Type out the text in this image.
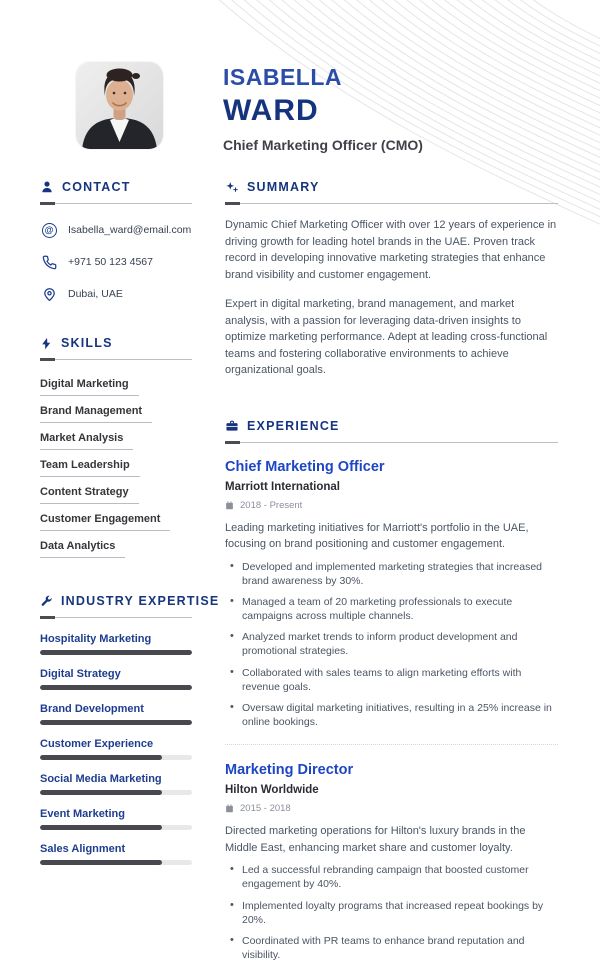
ISABELLA
WARD
Chief Marketing Officer (CMO)
CONTACT
@ Isabella_ward@email.com
+971 50 123 4567
Dubai, UAE
SKILLS
Digital Marketing
Brand Management
Market Analysis
Team Leadership
Content Strategy
Customer Engagement
Data Analytics
INDUSTRY EXPERTISE
Hospitality Marketing
Digital Strategy
Brand Development
Customer Experience
Social Media Marketing
Event Marketing
Sales Alignment
SUMMARY

Dynamic Chief Marketing Officer with over 12 years of experience in driving growth for leading hotel brands in the UAE. Proven track record in developing innovative marketing strategies that enhance brand visibility and customer engagement.

Expert in digital marketing, brand management, and market analysis, with a passion for leveraging data-driven insights to optimize marketing performance. Adept at leading cross-functional teams and fostering collaborative environments to achieve organizational goals.

EXPERIENCE
Chief Marketing Officer
Marriott International
2018 - Present

Leading marketing initiatives for Marriott's portfolio in the UAE, focusing on brand positioning and customer engagement.

• Developed and implemented marketing strategies that increased brand awareness by 30%.
• Managed a team of 20 marketing professionals to execute campaigns across multiple channels.
• Analyzed market trends to inform product development and promotional strategies.
• Collaborated with sales teams to align marketing efforts with revenue goals.
• Oversaw digital marketing initiatives, resulting in a 25% increase in online bookings.
Marketing Director
Hilton Worldwide
2015 - 2018

Directed marketing operations for Hilton's luxury brands in the Middle East, enhancing market share and customer loyalty.

• Led a successful rebranding campaign that boosted customer engagement by 40%.
• Implemented loyalty programs that increased repeat bookings by 20%.
• Coordinated with PR teams to enhance brand reputation and visibility.
